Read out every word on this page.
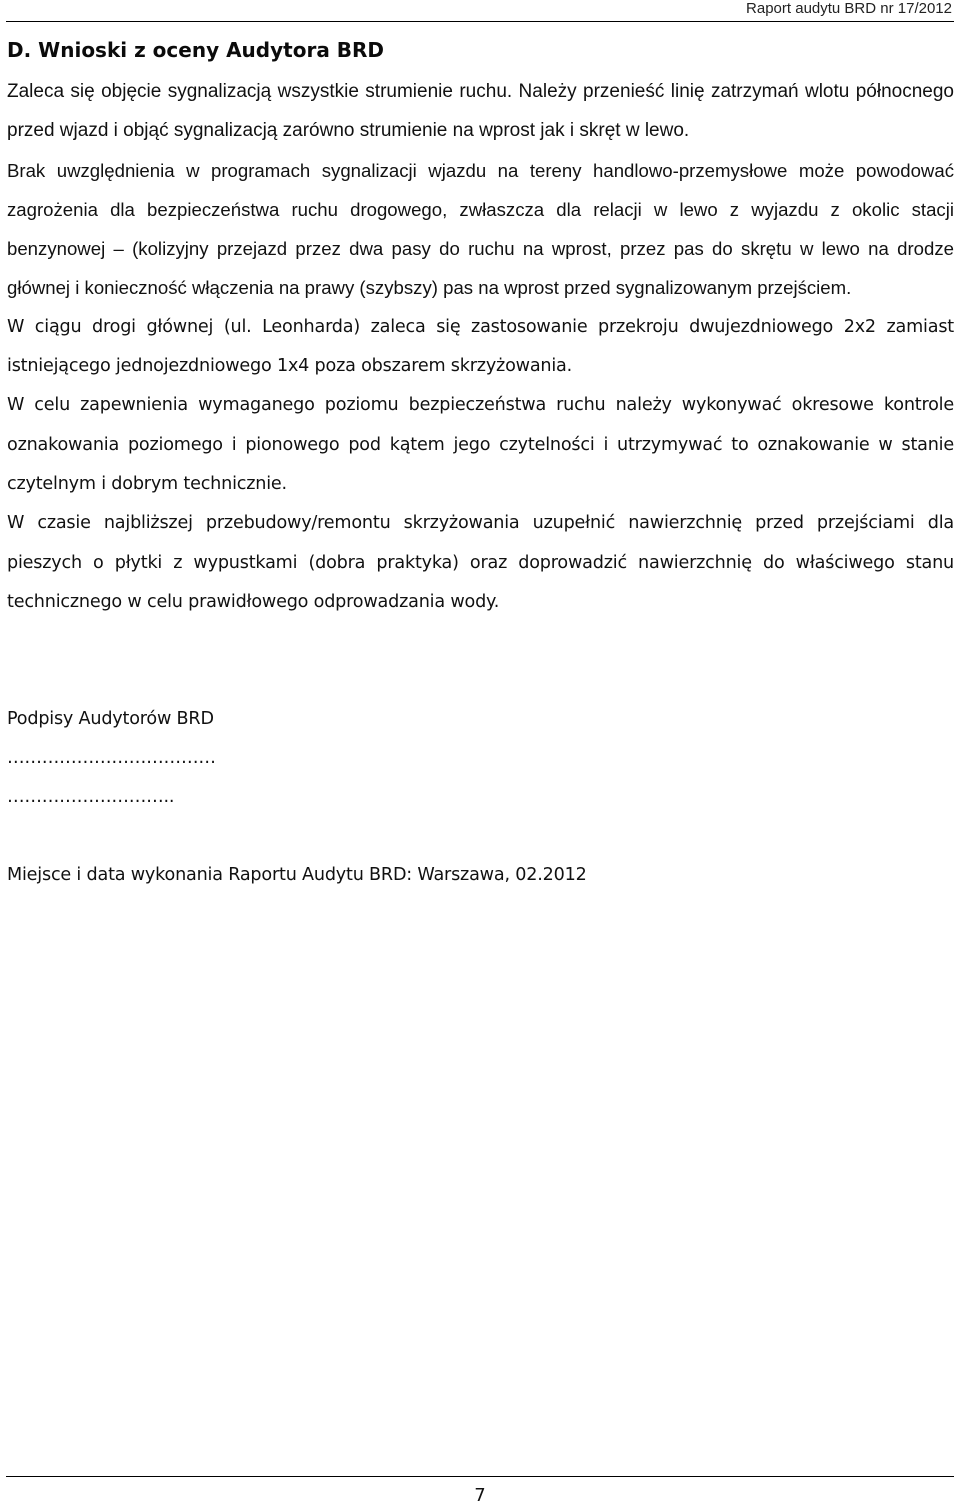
Raport audytu BRD nr 17/2012
D. Wnioski z oceny Audytora BRD

Zaleca się objęcie sygnalizacją wszystkie strumienie ruchu. Należy przenieść linię zatrzymań wlotu północnego przed wjazd i objąć sygnalizacją zarówno strumienie na wprost jak i skręt w lewo.

Brak uwzględnienia w programach sygnalizacji wjazdu na tereny handlowo-przemysłowe może powodować zagrożenia dla bezpieczeństwa ruchu drogowego, zwłaszcza dla relacji w lewo z wyjazdu z okolic stacji benzynowej – (kolizyjny przejazd przez dwa pasy do ruchu na wprost, przez pas do skrętu w lewo na drodze głównej i konieczność włączenia na prawy (szybszy) pas na wprost przed sygnalizowanym przejściem.

W ciągu drogi głównej (ul. Leonharda) zaleca się zastosowanie przekroju dwujezdniowego 2x2 zamiast istniejącego jednojezdniowego 1x4 poza obszarem skrzyżowania.

W celu zapewnienia wymaganego poziomu bezpieczeństwa ruchu należy wykonywać okresowe kontrole oznakowania poziomego i pionowego pod kątem jego czytelności i utrzymywać to oznakowanie w stanie czytelnym i dobrym technicznie.

W czasie najbliższej przebudowy/remontu skrzyżowania uzupełnić nawierzchnię przed przejściami dla pieszych o płytki z wypustkami (dobra praktyka) oraz doprowadzić nawierzchnię do właściwego stanu technicznego w celu prawidłowego odprowadzania wody.

Podpisy Audytorów BRD

………………………………

………………………..

Miejsce i data wykonania Raportu Audytu BRD: Warszawa, 02.2012
7
